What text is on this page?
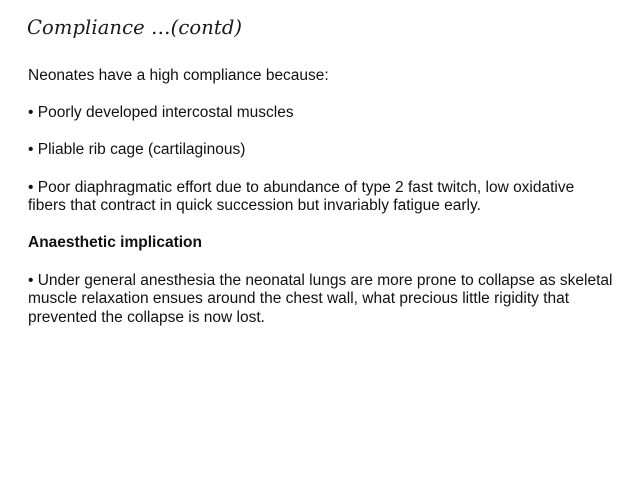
Compliance …(contd)

Neonates have a high compliance because:

• Poorly developed intercostal muscles

• Pliable rib cage (cartilaginous)

• Poor diaphragmatic effort due to abundance of type 2 fast twitch, low oxidative fibers that contract in quick succession but invariably fatigue early.

Anaesthetic implication

• Under general anesthesia the neonatal lungs are more prone to collapse as skeletal muscle relaxation ensues around the chest wall, what precious little rigidity that prevented the collapse is now lost.
